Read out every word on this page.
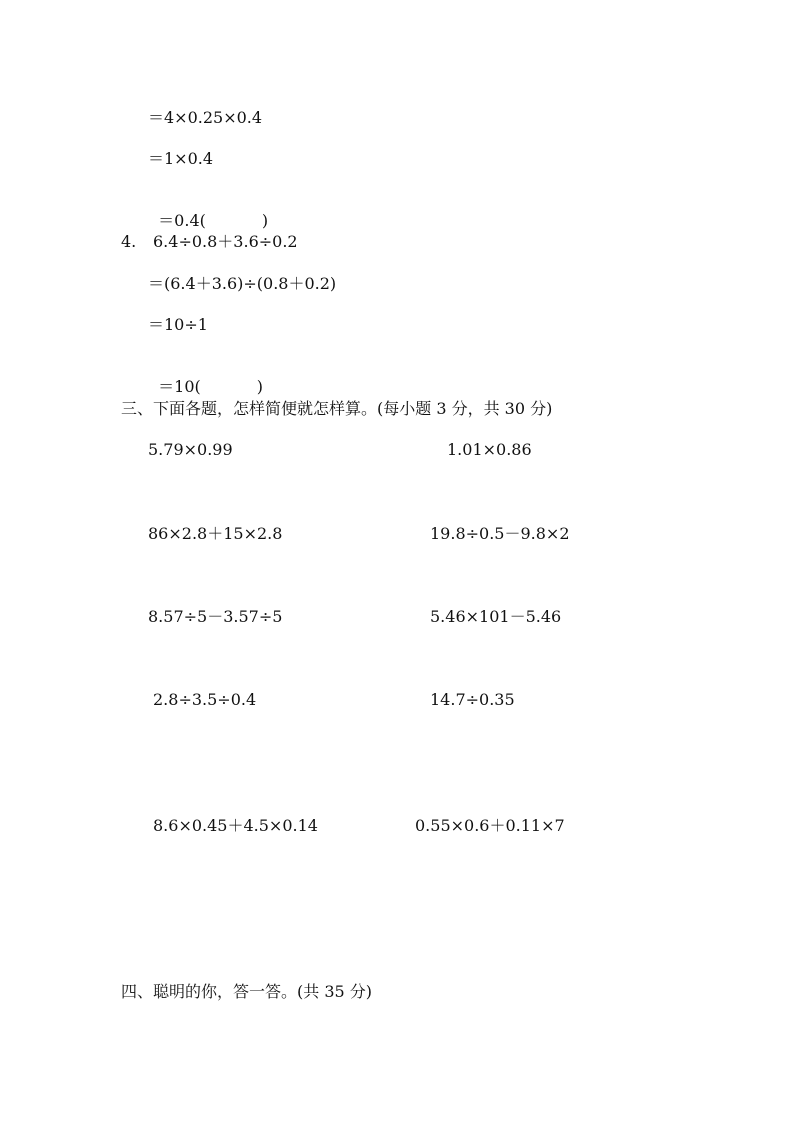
＝4×0.25×0.4
＝1×0.4

＝0.4(	)

4. 6.4÷0.8＋3.6÷0.2
＝(6.4＋3.6)÷(0.8＋0.2)
＝10÷1

＝10(	)

三、下面各题，怎样简便就怎样算。(每小题 3 分，共 30 分)
5.79×0.99	1.01×0.86
86×2.8＋15×2.8	19.8÷0.5－9.8×2
8.57÷5－3.57÷5	5.46×101－5.46
2.8÷3.5÷0.4	14.7÷0.35
8.6×0.45＋4.5×0.14	0.55×0.6＋0.11×7
四、聪明的你，答一答。(共 35 分)
